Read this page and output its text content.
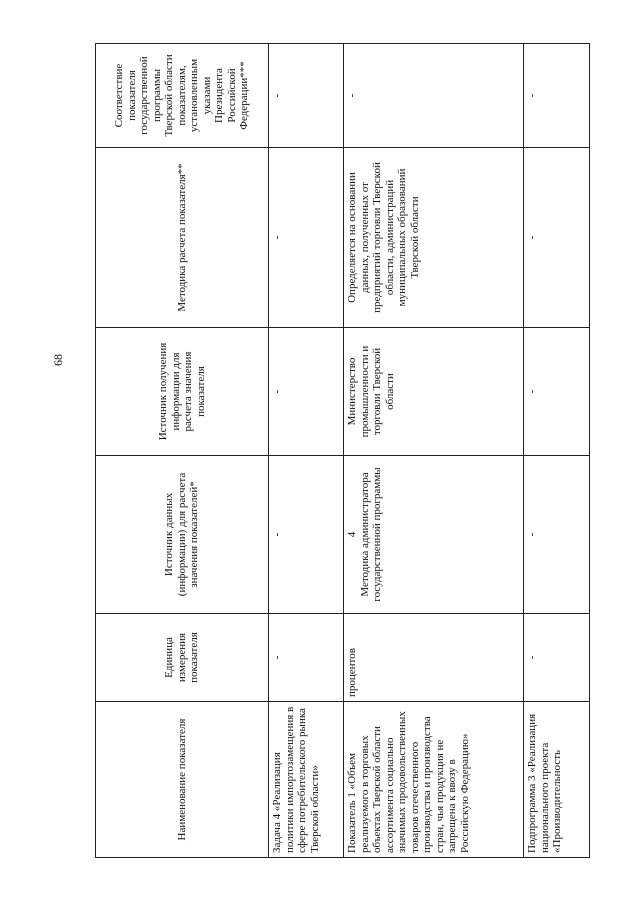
68
Наименование показателя	Единица измерения показателя	Источник данных (информации) для расчета значения показателей*	Источник получения информации для расчета значения показателя	Методика расчета показателя**	Соответствие показателя государственной программы Тверской области показателям, установленным указами Президента Российской Федерации***
Задача 4 «Реализация политики импортозамещения в сфере потребительского рынка Тверской области»	-	-	-	-	-
Показатель 1 «Объем реализуемого в торговых объектах Тверской области ассортимента социально значимых продовольственных товаров отечественного производства и производства стран, чья продукция не запрещена к ввозу в Российскую Федерацию»	процентов	4 Методика администратора государственной программы	Министерство промышленности и торговли Тверской области	Определяется на основании данных, полученных от предприятий торговли Тверской области, администраций муниципальных образований Тверской области	-
Подпрограмма 3 «Реализация национального проекта «Производительность	-	-	-	-	-
